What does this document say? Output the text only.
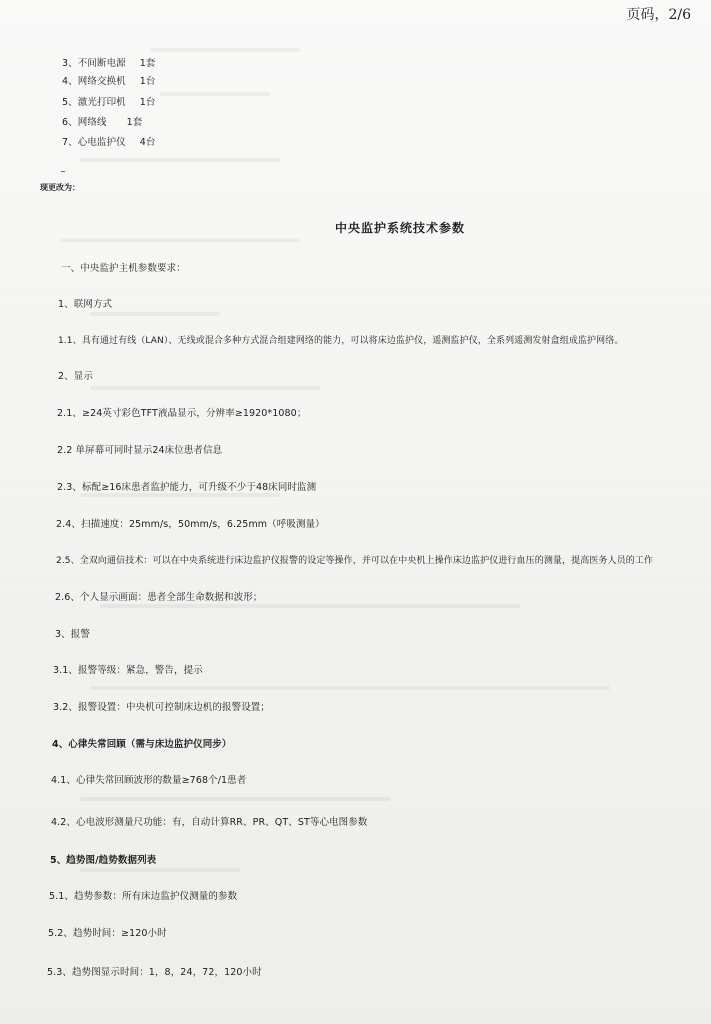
页码，2/6
3、不间断电源 1套
4、网络交换机 1台
5、激光打印机 1台
6、网络线 1套
7、心电监护仪 4台
~
现更改为：
中央监护系统技术参数
一、中央监护主机参数要求：
1、联网方式
1.1、具有通过有线（LAN）、无线或混合多种方式混合组建网络的能力，可以将床边监护仪，遥测监护仪，全系列遥测发射盒组成监护网络。
2、显示
2.1、≥24英寸彩色TFT液晶显示，分辨率≥1920*1080；
2.2 单屏幕可同时显示24床位患者信息
2.3、标配≥16床患者监护能力，可升级不少于48床同时监测
2.4、扫描速度：25mm/s，50mm/s，6.25mm（呼吸测量）
2.5、全双向通信技术：可以在中央系统进行床边监护仪报警的设定等操作，并可以在中央机上操作床边监护仪进行血压的测量，提高医务人员的工作
2.6、个人显示画面：患者全部生命数据和波形；
3、报警
3.1、报警等级：紧急，警告，提示
3.2、报警设置：中央机可控制床边机的报警设置；
4、心律失常回顾（需与床边监护仪同步）
4.1、心律失常回顾波形的数量≥768个/1患者
4.2、心电波形测量尺功能：有，自动计算RR、PR、QT、ST等心电图参数
5、趋势图/趋势数据列表
5.1、趋势参数：所有床边监护仪测量的参数
5.2、趋势时间：≥120小时
5.3、趋势图显示时间：1，8，24，72，120小时
